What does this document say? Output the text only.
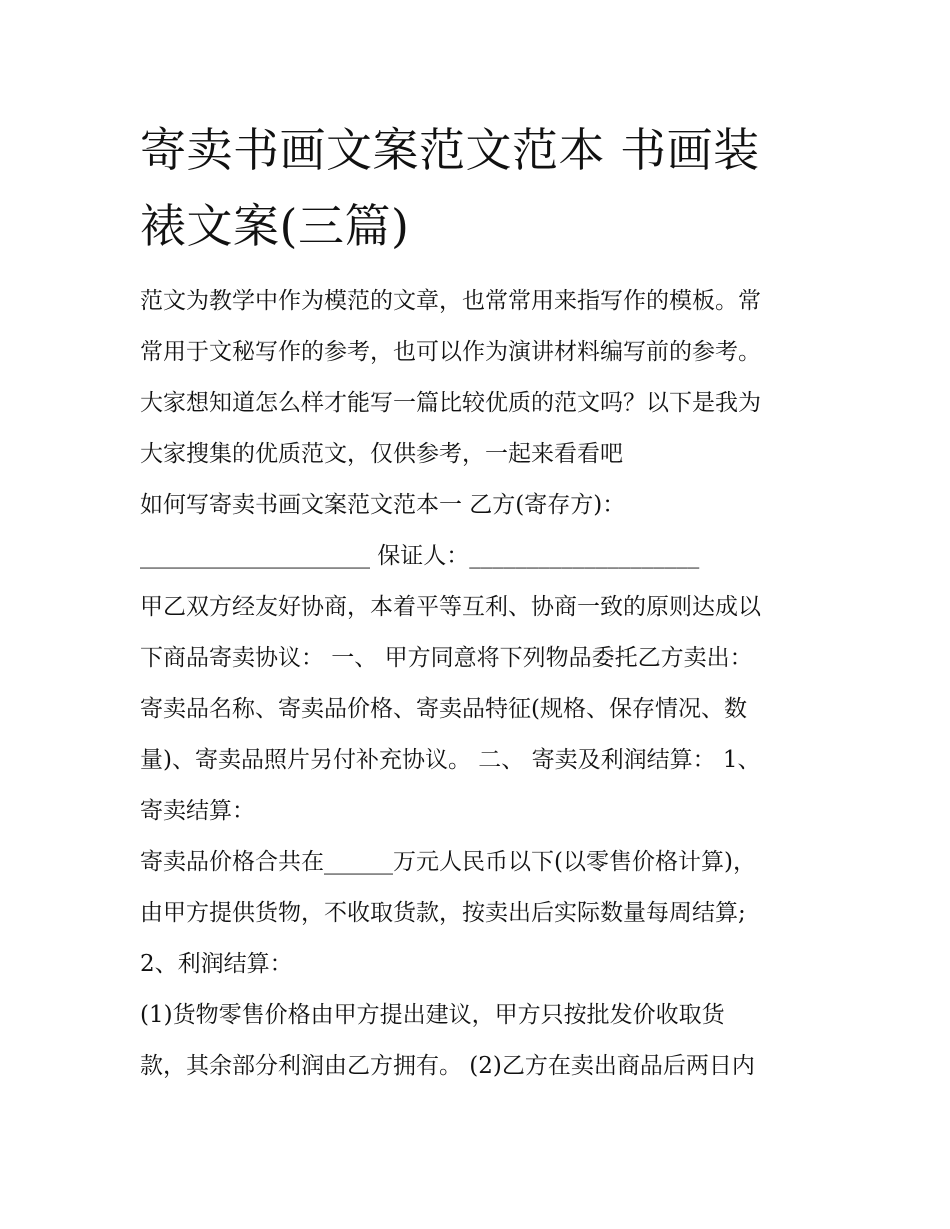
寄卖书画文案范文范本 书画装
裱文案(三篇)
范文为教学中作为模范的文章，也常常用来指写作的模板。常
常用于文秘写作的参考，也可以作为演讲材料编写前的参考。
大家想知道怎么样才能写一篇比较优质的范文吗？以下是我为
大家搜集的优质范文，仅供参考，一起来看看吧
如何写寄卖书画文案范文范本一 乙方(寄存方)：
____________________ 保证人：____________________
甲乙双方经友好协商，本着平等互利、协商一致的原则达成以
下商品寄卖协议： 一、 甲方同意将下列物品委托乙方卖出：
寄卖品名称、寄卖品价格、寄卖品特征(规格、保存情况、数
量)、寄卖品照片另付补充协议。 二、 寄卖及利润结算： 1、
寄卖结算：
寄卖品价格合共在______万元人民币以下(以零售价格计算)，
由甲方提供货物，不收取货款，按卖出后实际数量每周结算;
2、利润结算：
(1)货物零售价格由甲方提出建议，甲方只按批发价收取货
款，其余部分利润由乙方拥有。 (2)乙方在卖出商品后两日内
